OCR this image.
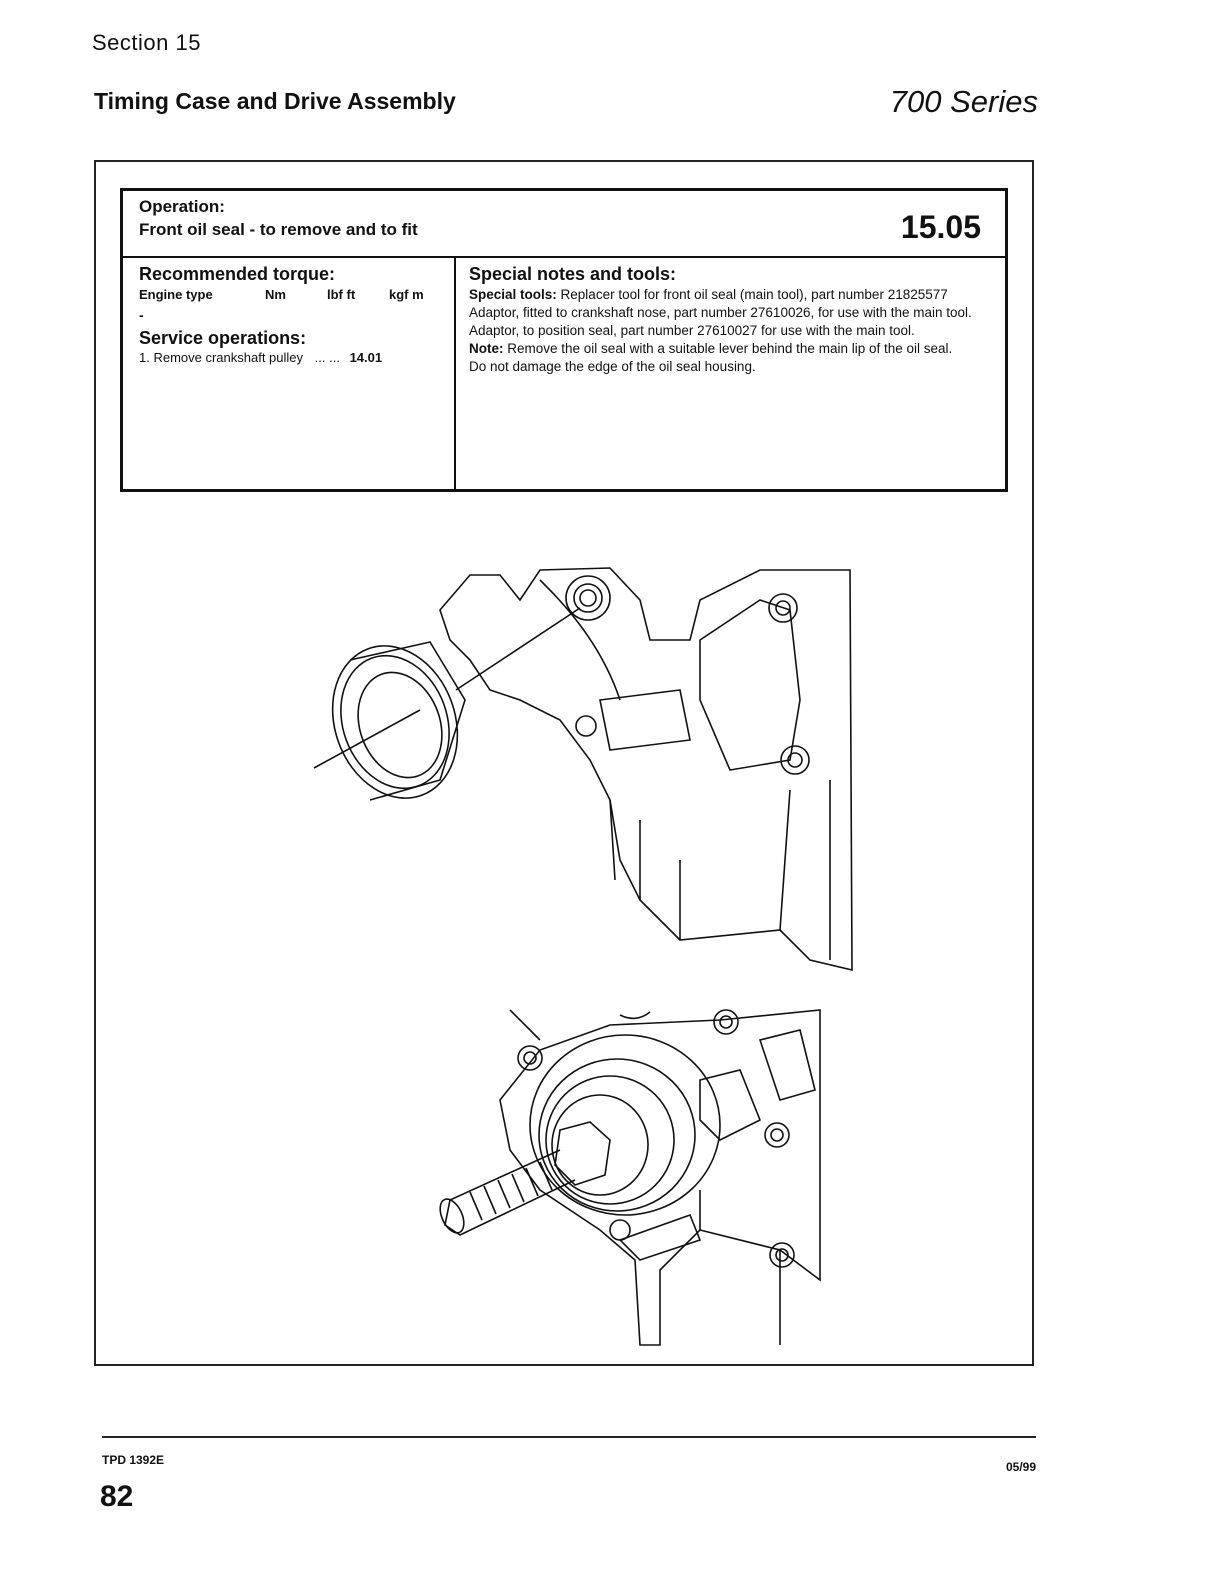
Section 15
Timing Case and Drive Assembly	700 Series
Operation:
Front oil seal - to remove and to fit	15.05

Recommended torque:

Engine type	Nm	lbf ft	kgf m
-

Service operations:

1. Remove crankshaft pulley ... ... 14.01

Special notes and tools:

Special tools: Replacer tool for front oil seal (main tool), part number 21825577

Adaptor, fitted to crankshaft nose, part number 27610026, for use with the main tool.

Adaptor, to position seal, part number 27610027 for use with the main tool.

Note: Remove the oil seal with a suitable lever behind the main lip of the oil seal.

Do not damage the edge of the oil seal housing.

TPD 1392E
82
05/99
